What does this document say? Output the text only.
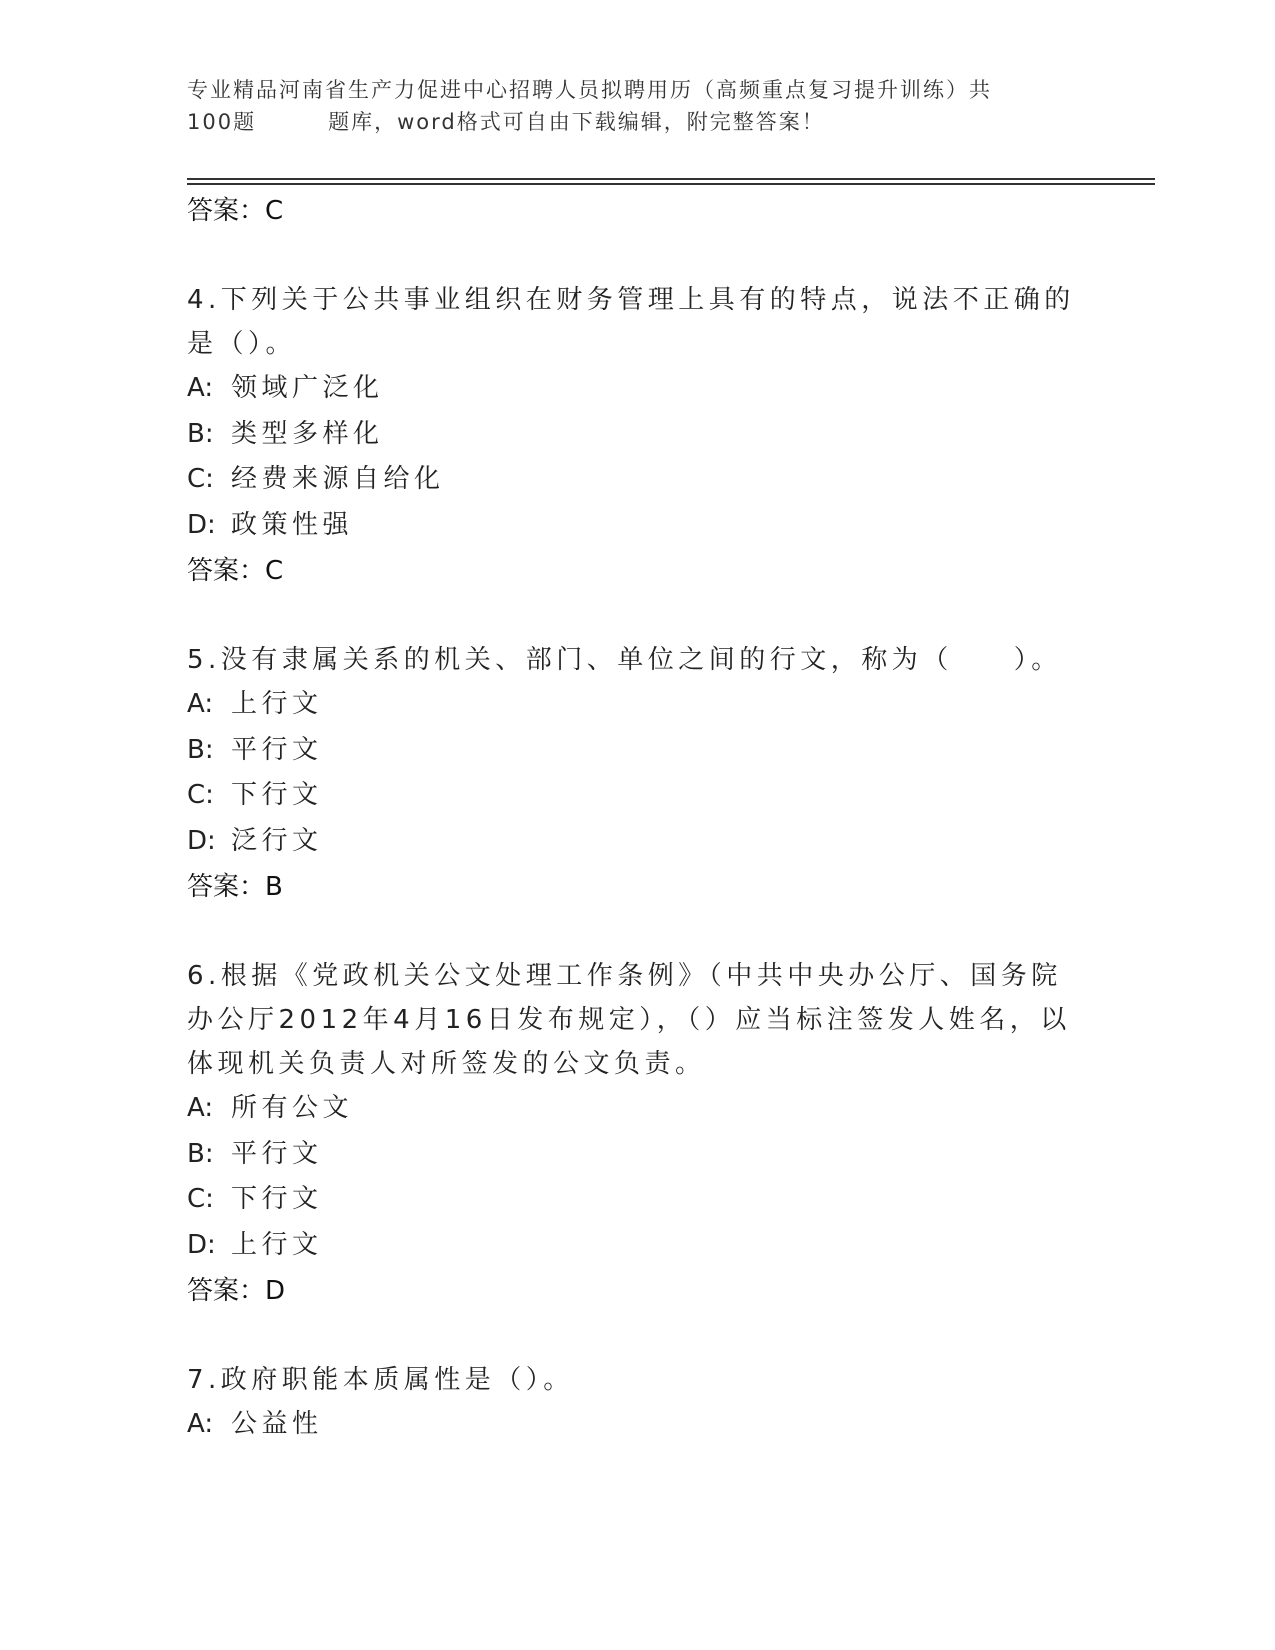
专业精品河南省生产力促进中心招聘人员拟聘用历（高频重点复习提升训练）共
100题	题库，word格式可自由下载编辑，附完整答案！

答案：C

4.下列关于公共事业组织在财务管理上具有的特点，说法不正确的是（）。

A: 领域广泛化

B: 类型多样化

C: 经费来源自给化

D: 政策性强

答案：C

5.没有隶属关系的机关、部门、单位之间的行文，称为（　　）。

A: 上行文

B: 平行文

C: 下行文

D: 泛行文

答案：B

6.根据《党政机关公文处理工作条例》（中共中央办公厅、国务院办公厅2012年4月16日发布规定），（）应当标注签发人姓名，以体现机关负责人对所签发的公文负责。

A: 所有公文

B: 平行文

C: 下行文

D: 上行文

答案：D

7.政府职能本质属性是（）。

A: 公益性
